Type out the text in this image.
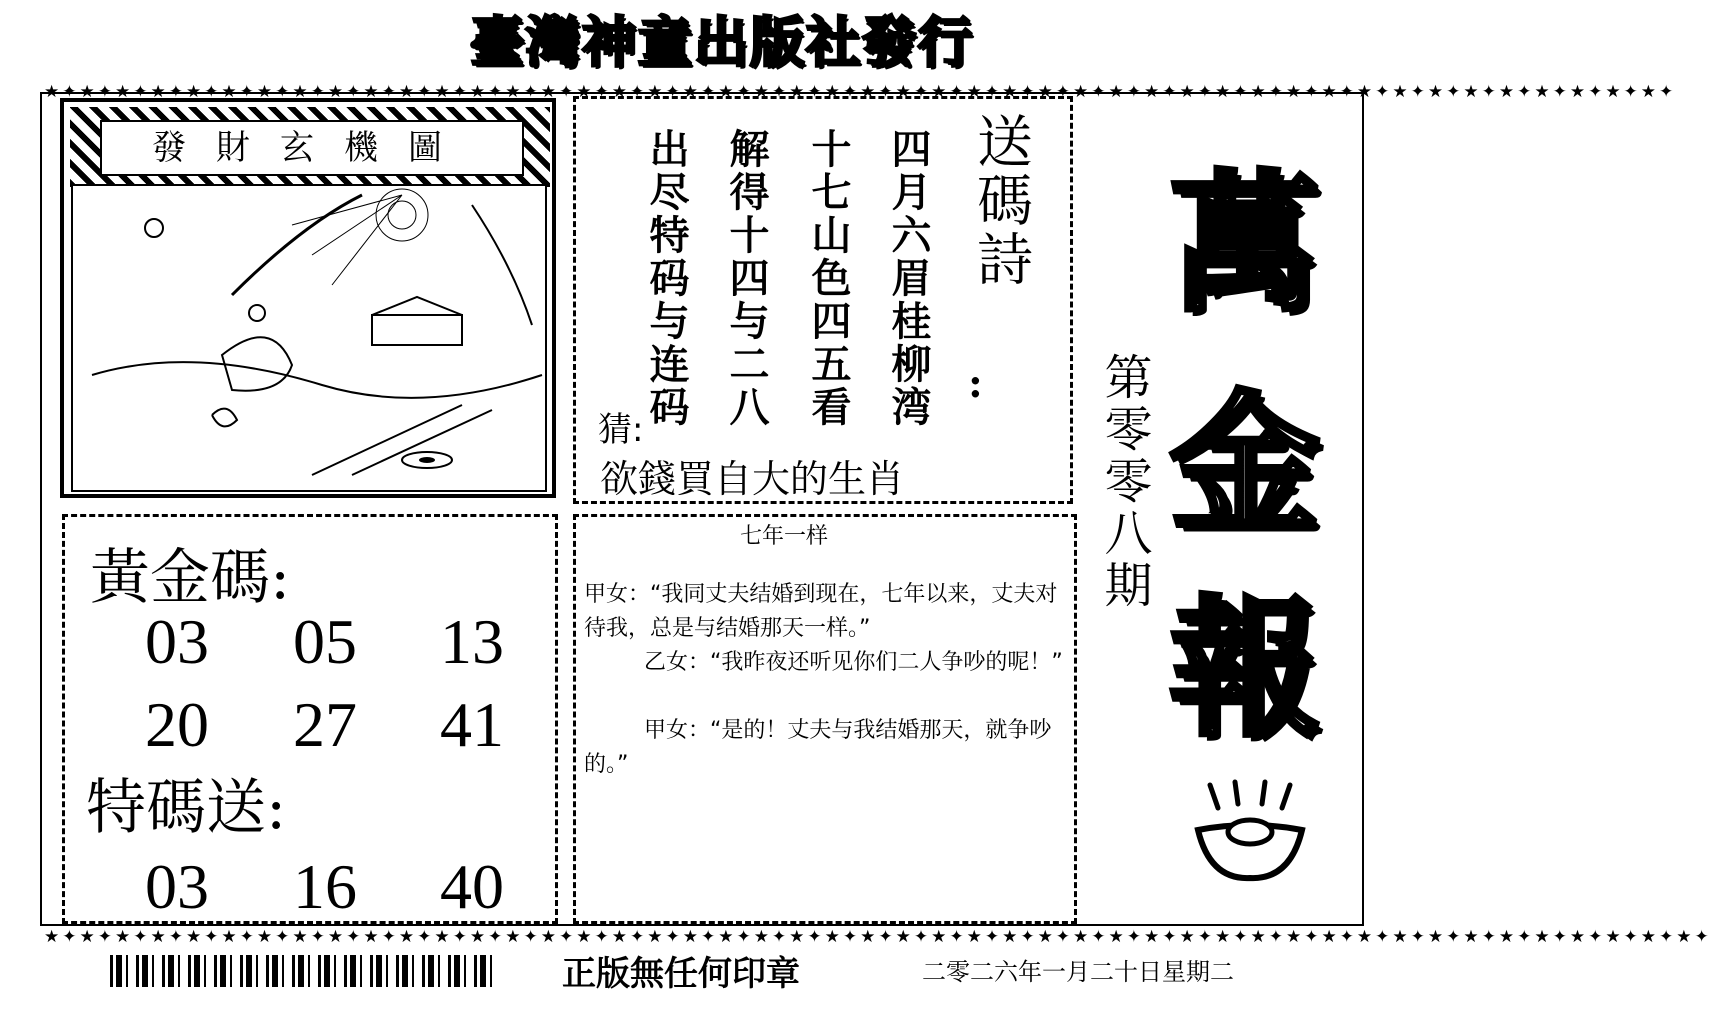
臺灣神童出版社發行
★✦★✦★✦★✦★✦★✦★✦★✦★✦★✦★✦★✦★✦★✦★✦★✦★✦★✦★✦★✦★✦★✦★✦★✦★✦★✦★✦★✦★✦★✦★✦★✦★✦★✦★✦★✦★✦★✦★✦★✦★✦★✦★✦★✦★✦★✦
★✦★✦★✦★✦★✦★✦★✦★✦★✦★✦★✦★✦★✦★✦★✦★✦★✦★✦★✦★✦★✦★✦★✦★✦★✦★✦★✦★✦★✦★✦★✦★✦★✦★✦★✦★✦★✦★✦★✦★✦★✦★✦★✦★✦★✦★✦★✦
發財玄機圖	送碼詩
:
四月六眉桂柳湾
十七山色四五看
解得十四与二八
出尽特码与连码
猜:
欲錢買自大的生肖
黃金碼:
03 05 13
20 27 41
特碼送:
03 16 40
七年一样
甲女：“我同丈夫结婚到现在，七年以来，丈夫对待我，总是与结婚那天一样。”
乙女：“我昨夜还听见你们二人争吵的呢！”
甲女：“是的！丈夫与我结婚那天，就争吵的。”
萬
金
報
第零零八期
正版無任何印章	二零二六年一月二十日星期二
